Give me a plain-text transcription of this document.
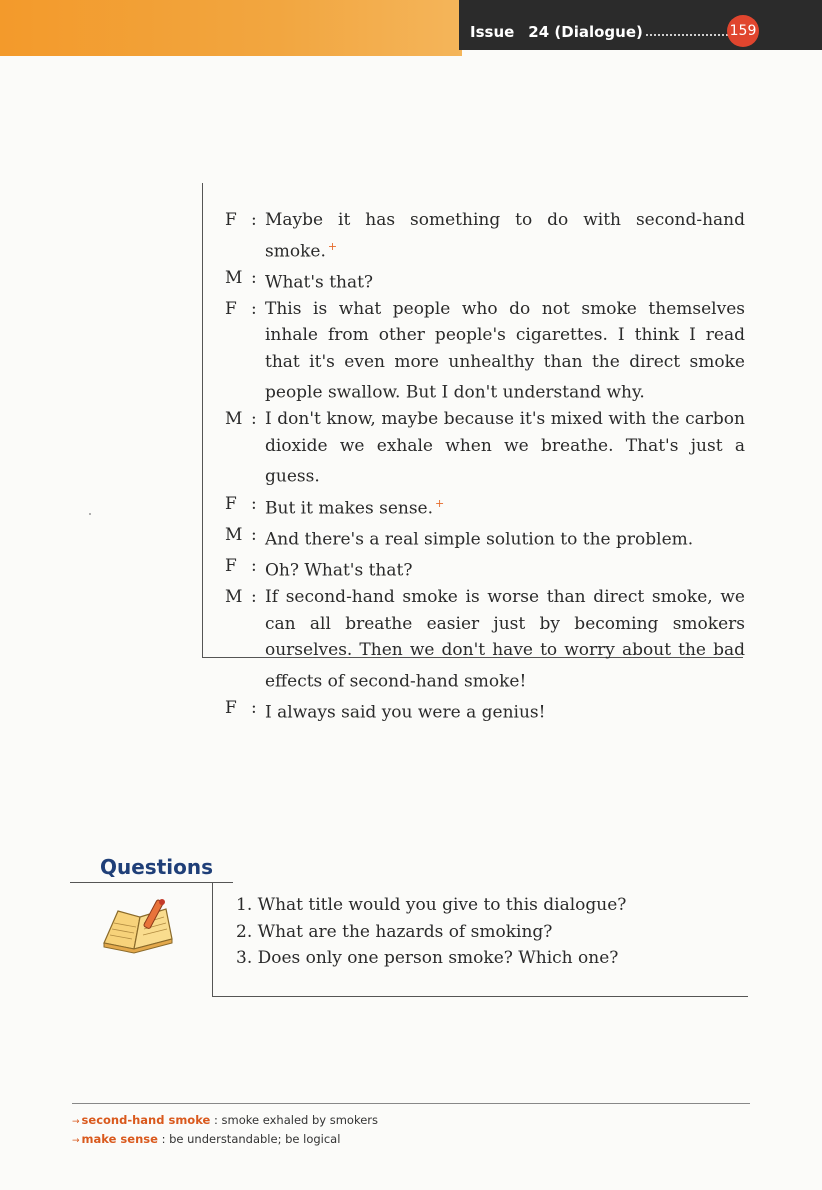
Issue 24 (Dialogue)	159
F : Maybe it has something to do with second-hand smoke. +
M : What's that?
F : This is what people who do not smoke themselves inhale from other people's cigarettes. I think I read that it's even more unhealthy than the direct smoke people swallow. But I don't understand why.
M : I don't know, maybe because it's mixed with the carbon dioxide we exhale when we breathe. That's just a guess.
F : But it makes sense. +
M : And there's a real simple solution to the problem.
F : Oh? What's that?
M : If second-hand smoke is worse than direct smoke, we can all breathe easier just by becoming smokers ourselves. Then we don't have to worry about the bad effects of second-hand smoke!
F : I always said you were a genius!
Questions
1. What title would you give to this dialogue?
2. What are the hazards of smoking?
3. Does only one person smoke? Which one?
→ second-hand smoke : smoke exhaled by smokers
→ make sense : be understandable; be logical
